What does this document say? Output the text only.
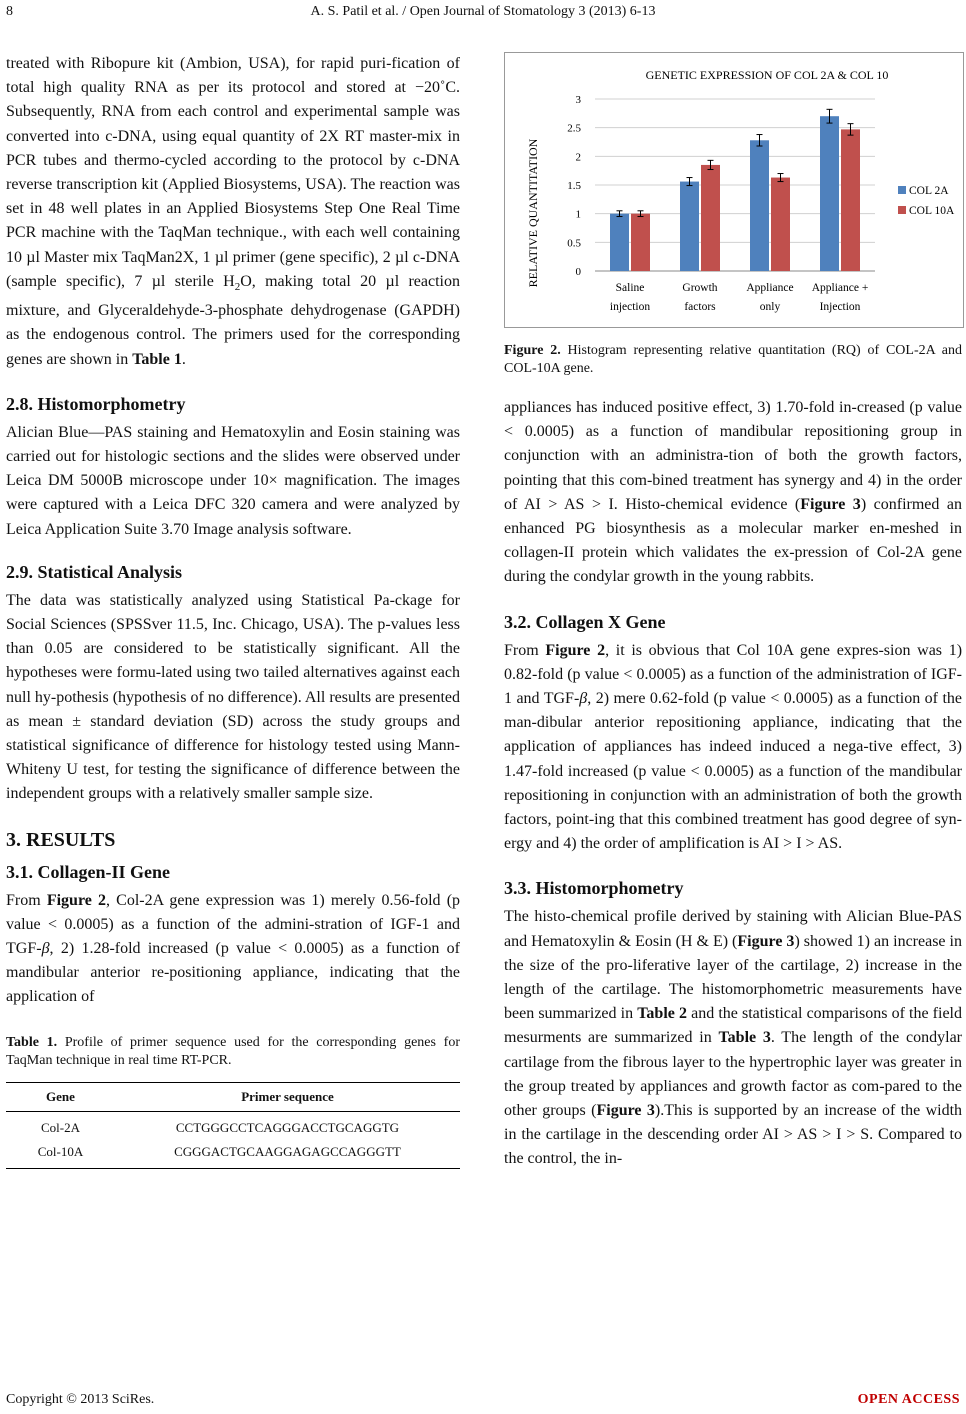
8	A. S. Patil et al. / Open Journal of Stomatology 3 (2013) 6-13

treated with Ribopure kit (Ambion, USA), for rapid puri-fication of total high quality RNA as per its protocol and stored at −20˚C. Subsequently, RNA from each control and experimental sample was converted into c-DNA, using equal quantity of 2X RT master-mix in PCR tubes and thermo-cycled according to the protocol by c-DNA reverse transcription kit (Applied Biosystems, USA). The reaction was set in 48 well plates in an Applied Biosystems Step One Real Time PCR machine with the TaqMan technique., with each well containing 10 µl Master mix TaqMan2X, 1 µl primer (gene specific), 2 µl c-DNA (sample specific), 7 µl sterile $H_2O$, making total 20 µl reaction mixture, and Glyceraldehyde-3-phosphate dehydrogenase (GAPDH) as the endogenous control. The primers used for the corresponding genes are shown in Table 1.

2.8. Histomorphometry

Alician Blue—PAS staining and Hematoxylin and Eosin staining was carried out for histologic sections and the slides were observed under Leica DM 5000B microscope under 10× magnification. The images were captured with a Leica DFC 320 camera and were analyzed by Leica Application Suite 3.70 Image analysis software.

2.9. Statistical Analysis

The data was statistically analyzed using Statistical Pa-ckage for Social Sciences (SPSSver 11.5, Inc. Chicago, USA). The p-values less than 0.05 are considered to be statistically significant. All the hypotheses were formu-lated using two tailed alternatives against each null hy-pothesis (hypothesis of no difference). All results are presented as mean ± standard deviation (SD) across the study groups and statistical significance of difference for histology tested using Mann-Whiteny U test, for testing the significance of difference between the independent groups with a relatively smaller sample size.

3. RESULTS
3.1. Collagen-II Gene

From Figure 2, Col-2A gene expression was 1) merely 0.56-fold (p value < 0.0005) as a function of the admini-stration of IGF-1 and TGF-β, 2) 1.28-fold increased (p value < 0.0005) as a function of mandibular anterior re-positioning appliance, indicating that the application of

Table 1. Profile of primer sequence used for the corresponding genes for TaqMan technique in real time RT-PCR.

Gene	Primer sequence
Col-2A	CCTGGGCCTCAGGGACCTGCAGGTG
Col-10A	CGGGACTGCAAGGAGAGCCAGGGTT
GENETIC EXPRESSION OF COL 2A & COL 10
RELATIVE QUANTITATION	0
0.5
1
1.5
2
2.5
3
Saline
injection
Growth
factors
Appliance
only
Appliance +
Injection
COL 2A
COL 10A

Figure 2. Histogram representing relative quantitation (RQ) of COL-2A and COL-10A gene.

appliances has induced positive effect, 3) 1.70-fold in-creased (p value < 0.0005) as a function of mandibular repositioning group in conjunction with an administra-tion of both the growth factors, pointing that this com-bined treatment has synergy and 4) in the order of AI > AS > I. Histo-chemical evidence (Figure 3) confirmed an enhanced PG biosynthesis as a molecular marker en-meshed in collagen-II protein which validates the ex-pression of Col-2A gene during the condylar growth in the young rabbits.

3.2. Collagen X Gene

From Figure 2, it is obvious that Col 10A gene expres-sion was 1) 0.82-fold (p value < 0.0005) as a function of the administration of IGF-1 and TGF-β, 2) mere 0.62-fold (p value < 0.0005) as a function of the man-dibular anterior repositioning appliance, indicating that the application of appliances has indeed induced a nega-tive effect, 3) 1.47-fold increased (p value < 0.0005) as a function of the mandibular repositioning in conjunction with an administration of both the growth factors, point-ing that this combined treatment has good degree of syn-ergy and 4) the order of amplification is AI > I > AS.

3.3. Histomorphometry

The histo-chemical profile derived by staining with Alician Blue-PAS and Hematoxylin & Eosin (H & E) (Figure 3) showed 1) an increase in the size of the pro-liferative layer of the cartilage, 2) increase in the length of the cartilage. The histomorphometric measurements have been summarized in Table 2 and the statistical comparisons of the field mesurments are summarized in Table 3. The length of the condylar cartilage from the fibrous layer to the hypertrophic layer was greater in the group treated by appliances and growth factor as com-pared to the other groups (Figure 3).This is supported by an increase of the width in the cartilage in the descending order AI > AS > I > S. Compared to the control, the in-

Copyright © 2013 SciRes.	OPEN ACCESS
